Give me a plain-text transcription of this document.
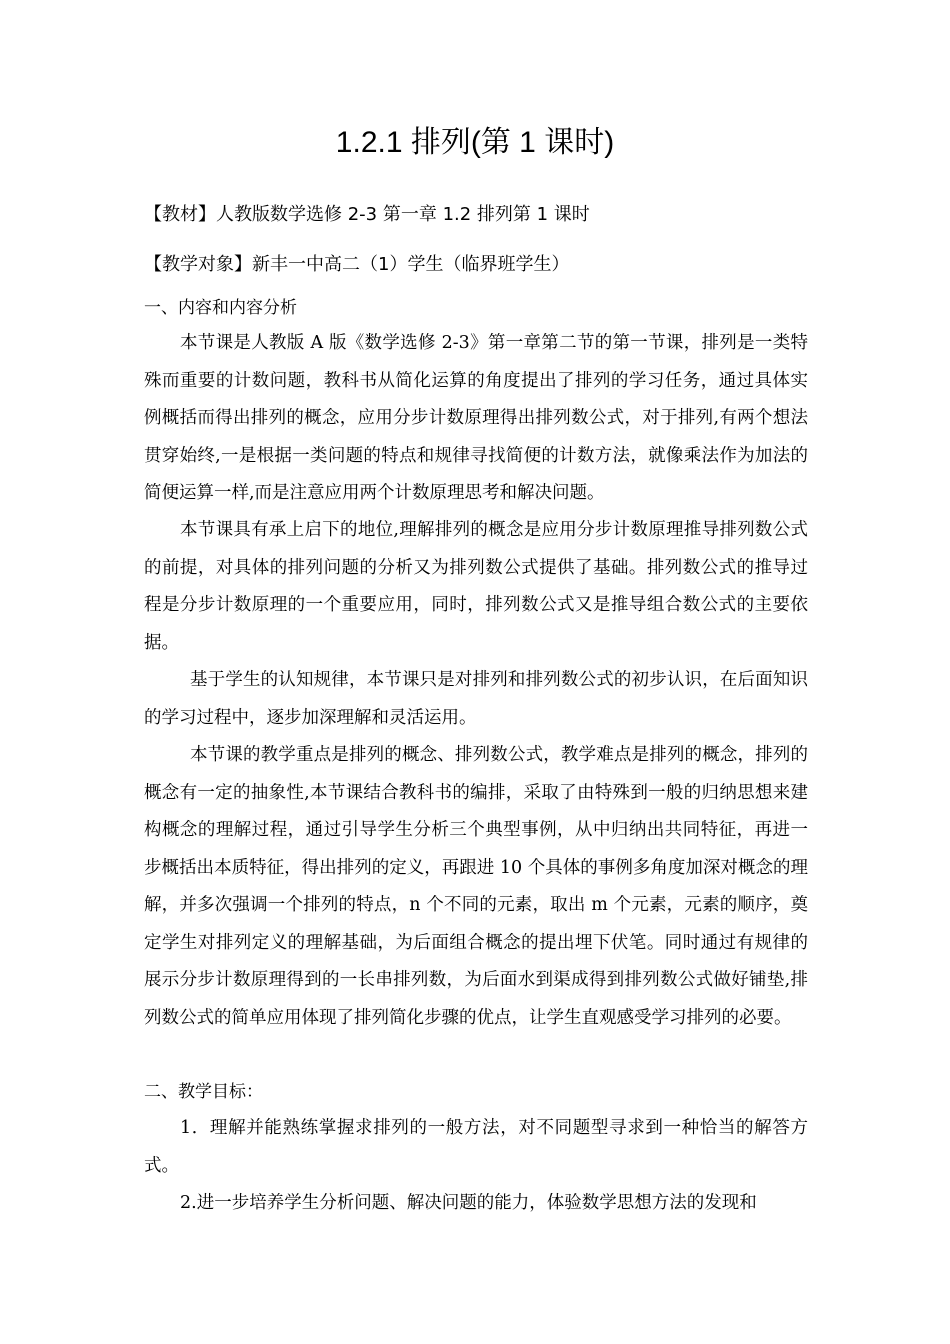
1.2.1 排列(第 1 课时)

【教材】人教版数学选修 2-3 第一章 1.2 排列第 1 课时

【教学对象】新丰一中高二（1）学生（临界班学生）

一、内容和内容分析

本节课是人教版 A 版《数学选修 2-3》第一章第二节的第一节课，排列是一类特殊而重要的计数问题，教科书从简化运算的角度提出了排列的学习任务，通过具体实例概括而得出排列的概念，应用分步计数原理得出排列数公式，对于排列,有两个想法贯穿始终,一是根据一类问题的特点和规律寻找简便的计数方法，就像乘法作为加法的简便运算一样,而是注意应用两个计数原理思考和解决问题。

本节课具有承上启下的地位,理解排列的概念是应用分步计数原理推导排列数公式的前提，对具体的排列问题的分析又为排列数公式提供了基础。排列数公式的推导过程是分步计数原理的一个重要应用，同时，排列数公式又是推导组合数公式的主要依据。

基于学生的认知规律，本节课只是对排列和排列数公式的初步认识，在后面知识的学习过程中，逐步加深理解和灵活运用。

本节课的教学重点是排列的概念、排列数公式，教学难点是排列的概念，排列的概念有一定的抽象性,本节课结合教科书的编排，采取了由特殊到一般的归纳思想来建构概念的理解过程，通过引导学生分析三个典型事例，从中归纳出共同特征，再进一步概括出本质特征，得出排列的定义，再跟进 10 个具体的事例多角度加深对概念的理解，并多次强调一个排列的特点，n 个不同的元素，取出 m 个元素，元素的顺序，奠定学生对排列定义的理解基础，为后面组合概念的提出埋下伏笔。同时通过有规律的展示分步计数原理得到的一长串排列数，为后面水到渠成得到排列数公式做好铺垫,排列数公式的简单应用体现了排列简化步骤的优点，让学生直观感受学习排列的必要。

二、教学目标：

1．理解并能熟练掌握求排列的一般方法，对不同题型寻求到一种恰当的解答方式。

2.进一步培养学生分析问题、解决问题的能力，体验数学思想方法的发现和
